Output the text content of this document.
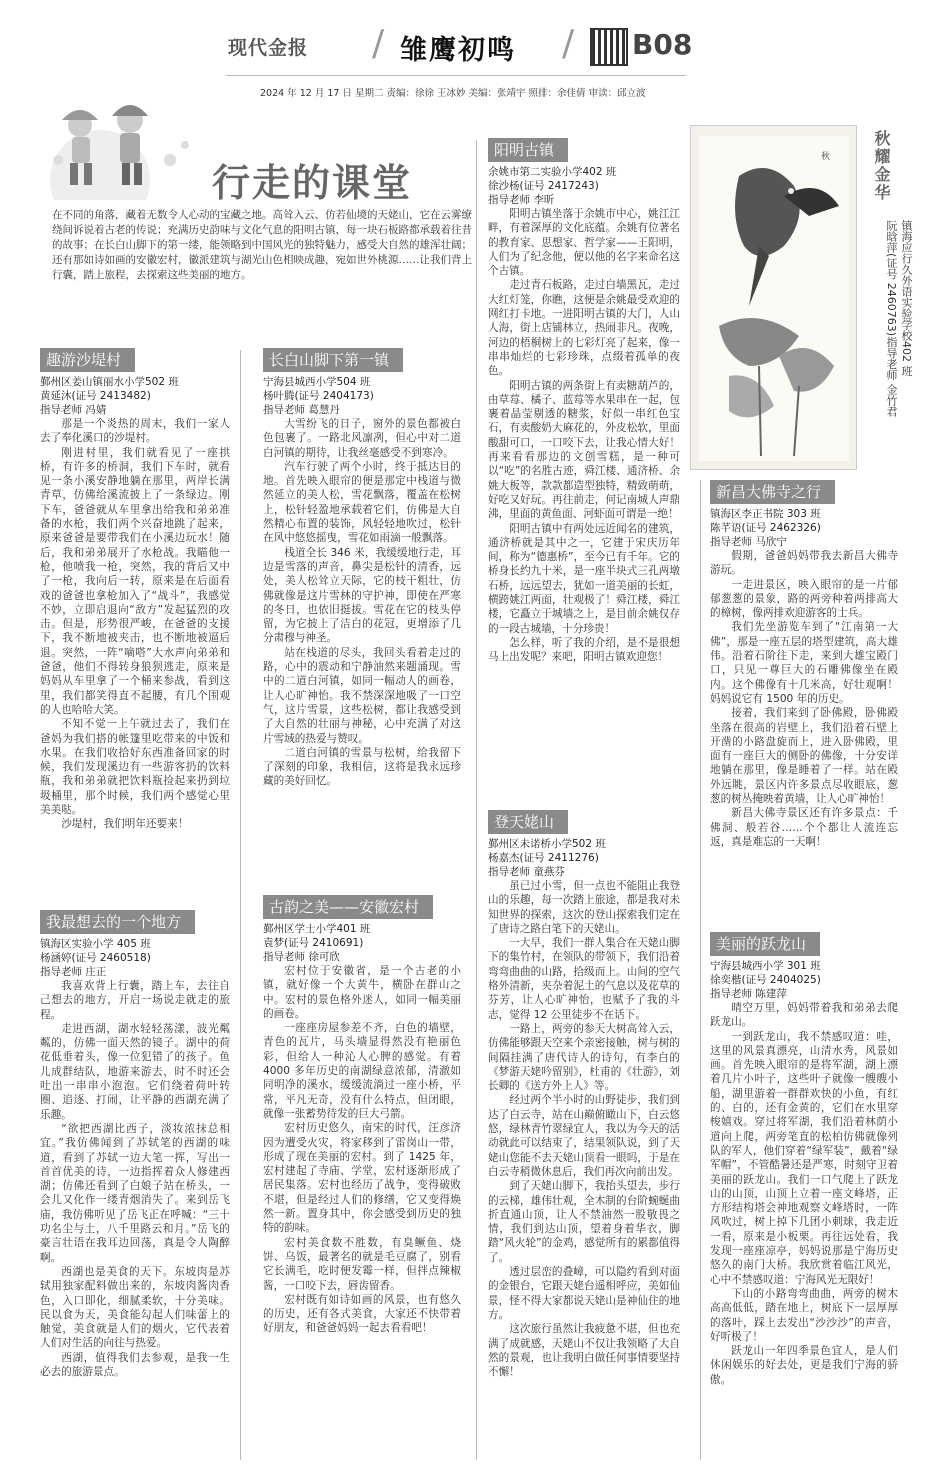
现代金报 / 雏鹰初鸣 / B08
2024 年 12 月 17 日 星期二 责编：徐徐 王冰妙 美编：张靖宇 照排：余佳倩 审读：邱立波
行走的课堂
在不同的角落，藏着无数令人心动的宝藏之地。高耸入云、仿若仙境的天姥山，它在云雾缭绕间诉说着古老的传说；充满历史韵味与文化气息的阳明古镇，每一块石板路都承载着往昔的故事；在长白山脚下的第一缕，能领略到中国风光的独特魅力，感受大自然的雄浑壮阔；还有那如诗如画的安徽宏村，徽派建筑与湖光山色相映成趣，宛如世外桃源……让我们背上行囊，踏上旅程，去探索这些美丽的地方。
趣游沙堤村
鄞州区姜山镇丽水小学502 班
黄延沐(证号 2413482)
指导老师 冯婧

那是一个炎热的周末，我们一家人去了奉化溪口的沙堤村。

刚进村里，我们就看见了一座拱桥，有许多的桥洞，我们下车时，就看见一条小溪安静地躺在那里，两岸长满青草，仿佛给溪流披上了一条绿边。刚下车，爸爸就从车里拿出给我和弟弟准备的水枪，我们两个兴奋地跳了起来，原来爸爸是要带我们在小溪边玩水！随后，我和弟弟展开了水枪战。我瞄他一枪，他喷我一枪，突然，我的背后又中了一枪，我向后一转，原来是在后面看戏的爸爸也拿枪加入了“战斗”，我感觉不妙，立即启退向“敌方”发起猛烈的攻击。但是，形势很严峻，在爸爸的支援下，我不断地被夹击，也不断地被逼后退。突然，一阵“嘀嗒”大水声向弟弟和爸爸，他们不得转身狼狈逃走，原来是妈妈从车里拿了一个桶来参战，看到这里，我们都笑得直不起腰，有几个围观的人也哈哈大笑。

不知不觉一上午就过去了，我们在爸妈为我们搭的帐篷里吃带来的中饭和水果。在我们收拾好东西准备回家的时候，我们发现溪边有一些游客扔的饮料瓶，我和弟弟就把饮料瓶捡起来扔到垃圾桶里，那个时候，我们两个感觉心里美美哒。

沙堤村，我们明年还要来！

我最想去的一个地方
镇海区实验小学 405 班
杨涵婷(证号 2460518)
指导老师 庄正

我喜欢背上行囊，踏上车，去往自己想去的地方，开启一场说走就走的旅程。

走进西湖，湖水轻轻荡漾，波光粼粼的，仿佛一面天然的镜子。湖中的荷花低垂着头，像一位犯错了的孩子。鱼儿成群结队，地游来游去，时不时还会吐出一串串小泡泡。它们绕着荷叶转圈、追逐、打闹，让平静的西湖充满了乐趣。

“欲把西湖比西子，淡妆浓抹总相宜。”我仿佛闻到了苏轼笔的西湖的味道，看到了苏轼一边大笔一挥，写出一首首优美的诗，一边指挥着众人修建西湖；仿佛还看到了白娘子站在桥头，一会儿又化作一缕青烟消失了。来到岳飞庙，我仿佛听见了岳飞正在呼喊：“三十功名尘与土，八千里路云和月。”岳飞的豪言壮语在我耳边回荡，真是令人陶醉啊。

西湖也是美食的天下。东坡肉是苏轼用独家配料做出来的，东坡肉酱肉香色，入口即化，细腻柔软，十分美味。民以食为天，美食能勾起人们味蕾上的触觉，美食就是人们的烟火，它代表着人们对生活的向往与热爱。

西湖，值得我们去参观，是我一生必去的旅游景点。

长白山脚下第一镇
宁海县城西小学504 班
杨叶腾(证号 2404173)
指导老师 葛慧丹

大雪纷飞的日子，窗外的景色都被白色包裹了。一路北风凛冽，但心中对二道白河镇的期待，让我丝毫感受不到寒冷。

汽车行驶了两个小时，终于抵达目的地。首先映入眼帘的便是那定中栈道与微然延立的美人松，雪花飘落，覆盖在松树上，松针轻盈地承载着它们，仿佛是大自然精心布置的装饰，风轻轻地吹过，松针在风中悠悠摇曳，雪花如雨滴一般飘落。

栈道全长 346 米，我缓缓地行走，耳边是雪落的声音，鼻尖是松针的清香，远处，美人松耸立天际，它的枝干粗壮，仿佛就像是这片雪林的守护神，即使在严寒的冬日，也依旧挺拔。雪花在它的枝头停留，为它披上了洁白的花冠，更增添了几分肃穆与神圣。

站在栈道的尽头，我回头看着走过的路，心中的震动和宁静油然来题涌现。雪中的二道白河镇，如同一幅动人的画卷，让人心旷神怡。我不禁深深地吸了一口空气，这片雪景，这些松树，都让我感受到了大自然的壮丽与神秘，心中充满了对这片雪域的热爱与赞叹。

二道白河镇的雪景与松树，给我留下了深刻的印象，我相信，这将是我永远珍藏的美好回忆。

古韵之美——安徽宏村
鄞州区学士小学401 班
袁梦(证号 2410691)
指导老师 徐可欣

宏村位于安徽省，是一个古老的小镇，就好像一个大黄牛，横卧在群山之中。宏村的景色格外迷人，如同一幅美丽的画卷。

一座座房屋参差不齐，白色的墙壁，青色的瓦片，马头墙显得然没有艳丽色彩，但给人一种沁人心脾的感觉。有着 4000 多年历史的南湖绿意浓郁，清澈如同明净的溪水，缓缓流淌过一座小桥，平常，平凡无奇，没有什么特点，但闭眼，就像一张蓄势待发的巨大弓箭。

宏村历史悠久，南宋的时代，汪彦济因为遭受火灾，将家移到了雷岗山一带，形成了现在美丽的宏村。到了 1425 年，宏村建起了寺庙、学堂，宏村逐渐形成了居民集落。宏村也经历了战争，变得破败不堪，但是经过人们的修缮，它又变得焕然一新。置身其中，你会感受到历史的独特的韵味。

宏村美食数不胜数，有臭鳜鱼、烧饼、乌饭，最著名的就是毛豆腐了，别看它长满毛，吃时便发霉一样，但拌点辣椒酱，一口咬下去，唇齿留香。

宏村既有如诗如画的风景，也有悠久的历史，还有各式美食，大家还不快带着好朋友，和爸爸妈妈一起去看看吧！

阳明古镇
余姚市第二实验小学402 班
徐沙杨(证号 2417243)
指导老师 李昕

阳明古镇坐落于余姚市中心，姚江江畔，有着深厚的文化底蕴。余姚有位著名的教育家、思想家、哲学家——王阳明，人们为了纪念他，便以他的名字来命名这个古镇。

走过青石板路，走过白墙黑瓦，走过大红灯笼，你瞧，这便是余姚最受欢迎的网红打卡地。一进阳明古镇的大门，人山人海，街上店铺林立，热闹非凡。夜晚，河边的梧桐树上的七彩灯亮了起来，像一串串灿烂的七彩珍珠，点缀着孤单的夜色。

阳明古镇的两条街上有卖糖葫芦的，由草莓、橘子、蓝莓等水果串在一起，包裹着晶莹剔透的糖浆，好似一串红色宝石，有卖酸奶大麻花的，外皮松软，里面酸甜可口，一口咬下去，让我心情大好！再来看看那边的文创雪糕，是一种可以“吃”的名胜古迹，舜江楼、通济桥、余姚大板等，款款都造型独特，精致萌萌，好吃又好玩。再往前走，何记南城人声鼎沸，里面的黄鱼面、河虾面可谓是一绝！

阳明古镇中有两处远近闻名的建筑，通济桥就是其中之一，它建于宋庆历年间，称为“德惠桥”，至今已有千年。它的桥身长约九十米，是一座半块式三孔两墩石桥，远远望去，犹如一道美丽的长虹，横跨姚江两面，壮观极了！舜江楼，舜江楼，它矗立于城墙之上，是目前余姚仅存的一段古城墙，十分珍贵！

怎么样，听了我的介绍，是不是很想马上出发呢？来吧，阳明古镇欢迎您！

登天姥山
鄞州区未诺桥小学502 班
杨嘉杰(证号 2411276)
指导老师 童燕芬

虽已过小雪，但一点也不能阻止我登山的乐趣，每一次踏上旅途，都是我对未知世界的探索，这次的登山探索我们定在了唐诗之路白笔下的天姥山。

一大早，我们一群人集合在天姥山脚下的集竹村，在领队的带领下，我们沿着弯弯曲曲的山路，拾级而上。山间的空气格外清新，夹杂着泥土的气息以及花草的芬芳，让人心旷神怡，也赋予了我的斗志，觉得 12 公里徒步不在话下。

一路上，两旁的参天大树高耸入云，仿佛能够跟天空来个亲密接触，树与树的间隔挂满了唐代诗人的诗句，有李白的《梦游天姥吟留别》，杜甫的《壮游》，刘长卿的《送方外上人》等。

经过两个半小时的山野徒步，我们到达了白云寺，站在山巅俯瞰山下，白云悠悠，绿林青竹翠绿宜人，我以为今天的活动就此可以结束了，结果领队说，到了天姥山您能不去天姥山顶看一眼吗，于是在白云寺稍微休息后，我们再次向前出发。

到了天姥山脚下，我抬头望去，步行的云梯，雄伟壮观，全木制的台阶蜿蜒曲折直通山顶，让人不禁油然一股敬畏之情，我们到达山顶，望着身着华衣，脚踏“风火轮”的金鸡，感觉所有的累都值得了。

透过层峦的叠嶂，可以隐约看到对面的金银台，它跟天姥台遥相呼应，美如仙景，怪不得大家都说天姥山是神仙住的地方。

这次旅行虽然让我疲惫不堪，但也充满了成就感，天姥山不仅让我领略了大自然的景观，也让我明白做任何事情要坚持不懈！

秋	秋耀金华
镇海应行久外语实验学校402 班
阮晗萍(证号 2460763)指导老师 金竹君
新昌大佛寺之行
镇海区李正书院 303 班
陈芊语(证号 2462326)
指导老师 马欣宁

假期，爸爸妈妈带我去新昌大佛寺游玩。

一走进景区，映入眼帘的是一片郁郁葱葱的景象，路的两旁种着两排高大的樟树，像两排欢迎游客的士兵。

我们先坐游览车到了“江南第一大佛”，那是一座五层的塔型建筑，高大雄伟。沿着石阶往下走，来到大雄宝殿门口，只见一尊巨大的石雕佛像坐在殿内。这个佛像有十几米高，好壮观啊！妈妈说它有 1500 年的历史。

接着，我们来到了卧佛殿，卧佛殿坐落在很高的岩壁上，我们沿着石壁上开凿的小路盘旋而上，进入卧佛殿，里面有一座巨大的侧卧的佛像，十分安详地躺在那里，像是睡着了一样。站在殿外远眺，景区内许多景点尽收眼底，葱葱的树丛掩映着黄墙，让人心旷神怡！

新昌大佛寺景区还有许多景点：千佛洞、般若谷……个个都让人流连忘返，真是难忘的一天啊！

美丽的跃龙山
宁海县城西小学 301 班
徐奕楷(证号 2404025)
指导老师 陈建萍

晴空万里，妈妈带着我和弟弟去爬跃龙山。

一到跃龙山，我不禁感叹道：哇，这里的风景真漂亮，山清水秀，风景如画。首先映入眼帘的是将军湖，湖上漂着几片小叶子，这些叶子就像一艘艘小船，湖里游着一群群欢快的小鱼，有红的、白的，还有金黄的，它们在水里穿梭嬉戏。穿过将军湖，我们沿着林荫小道向上爬，两旁笔直的松柏仿佛就像列队的军人，他们穿着“绿军装”，戴着“绿军帽”，不管酷暑还是严寒，时刻守卫着美丽的跃龙山。我们一口气爬上了跃龙山的山顶，山顶上立着一座文峰塔，正方形结构塔会神地观察文峰塔时，一阵风吹过，树上掉下几团小刺球，我走近一看，原来是小板栗。再往远处看，我发现一座座凉亭，妈妈说那是宁海历史悠久的南门大桥。我欣赏着临江风光，心中不禁感叹道：宁海风光无限好！

下山的小路弯弯曲曲，两旁的树木高高低低，踏在地上，树底下一层厚厚的落叶，踩上去发出“沙沙沙”的声音，好听极了！

跃龙山一年四季景色宜人，是人们休闲娱乐的好去处，更是我们宁海的骄傲。
